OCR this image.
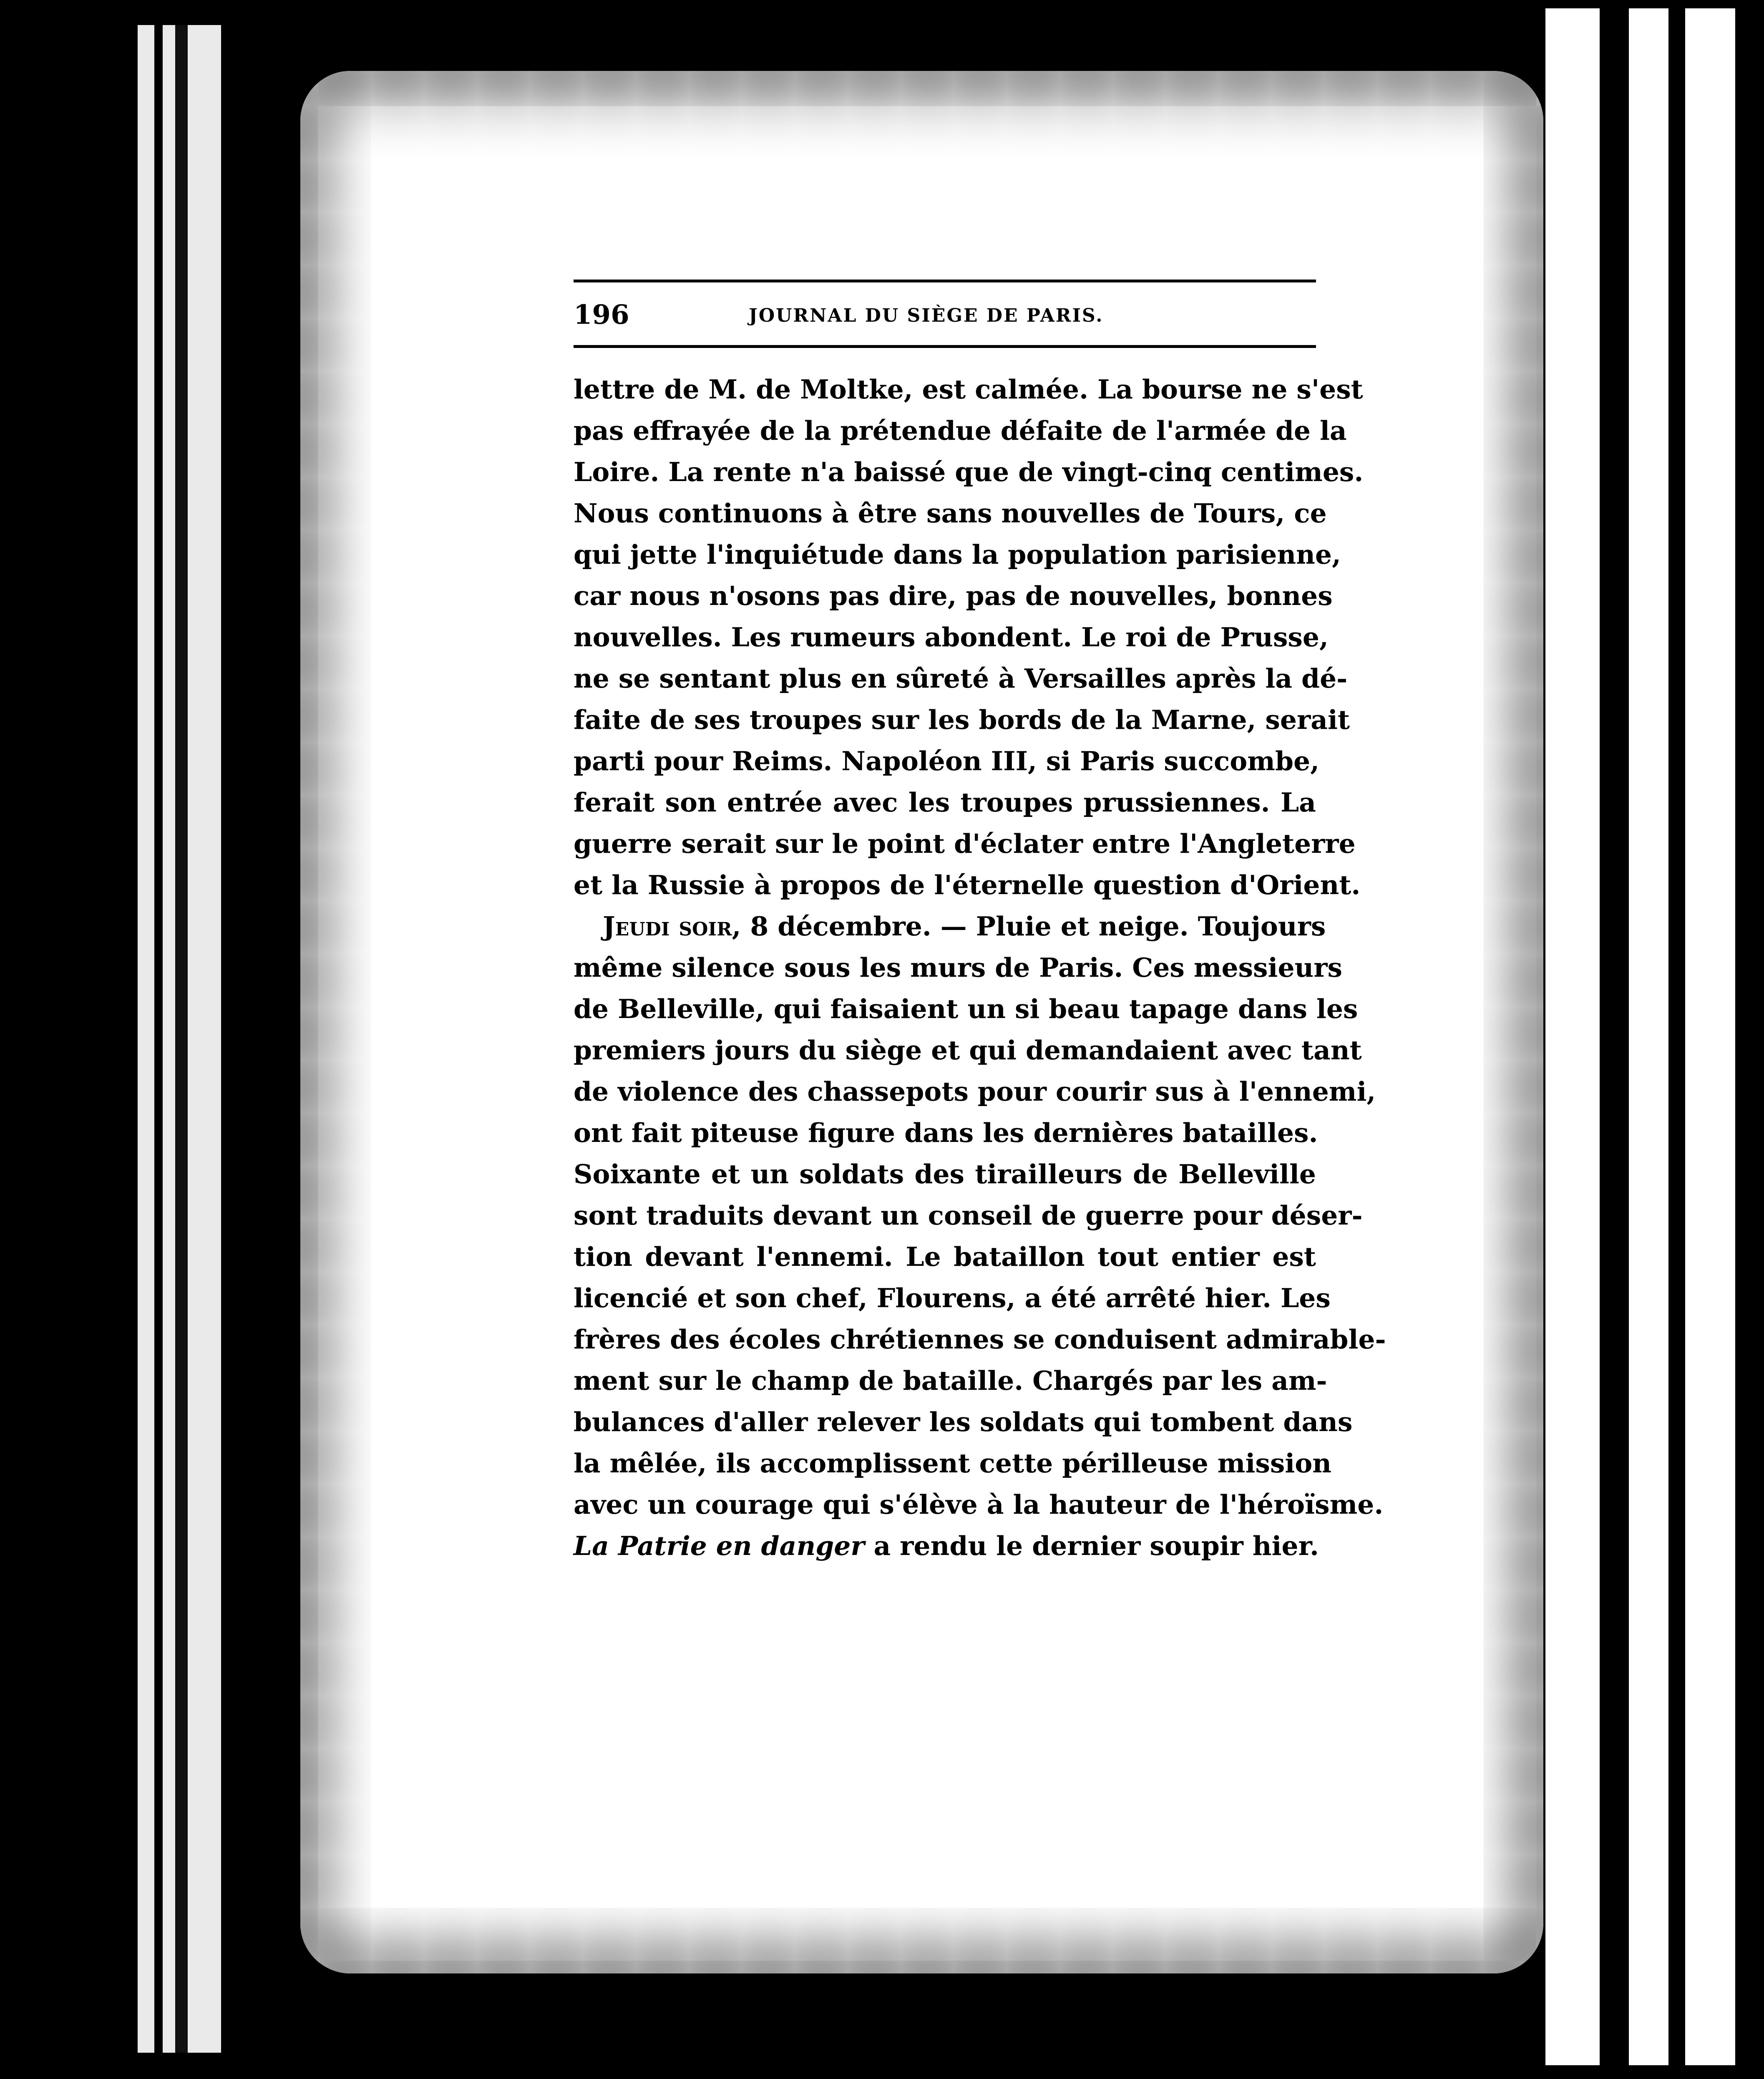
196	JOURNAL DU SIÈGE DE PARIS.
lettre de M. de Moltke, est calmée. La bourse ne s'est
pas effrayée de la prétendue défaite de l'armée de la
Loire. La rente n'a baissé que de vingt-cinq centimes.
Nous continuons à être sans nouvelles de Tours, ce
qui jette l'inquiétude dans la population parisienne,
car nous n'osons pas dire, pas de nouvelles, bonnes
nouvelles. Les rumeurs abondent. Le roi de Prusse,
ne se sentant plus en sûreté à Versailles après la dé-
faite de ses troupes sur les bords de la Marne, serait
parti pour Reims. Napoléon III, si Paris succombe,
ferait son entrée avec les troupes prussiennes. La
guerre serait sur le point d'éclater entre l'Angleterre
et la Russie à propos de l'éternelle question d'Orient.
Jeudi soir, 8 décembre. — Pluie et neige. Toujours
même silence sous les murs de Paris. Ces messieurs
de Belleville, qui faisaient un si beau tapage dans les
premiers jours du siège et qui demandaient avec tant
de violence des chassepots pour courir sus à l'ennemi,
ont fait piteuse figure dans les dernières batailles.
Soixante et un soldats des tirailleurs de Belleville
sont traduits devant un conseil de guerre pour déser-
tion devant l'ennemi. Le bataillon tout entier est
licencié et son chef, Flourens, a été arrêté hier. Les
frères des écoles chrétiennes se conduisent admirable-
ment sur le champ de bataille. Chargés par les am-
bulances d'aller relever les soldats qui tombent dans
la mêlée, ils accomplissent cette périlleuse mission
avec un courage qui s'élève à la hauteur de l'héroïsme.
La Patrie en danger a rendu le dernier soupir hier.
